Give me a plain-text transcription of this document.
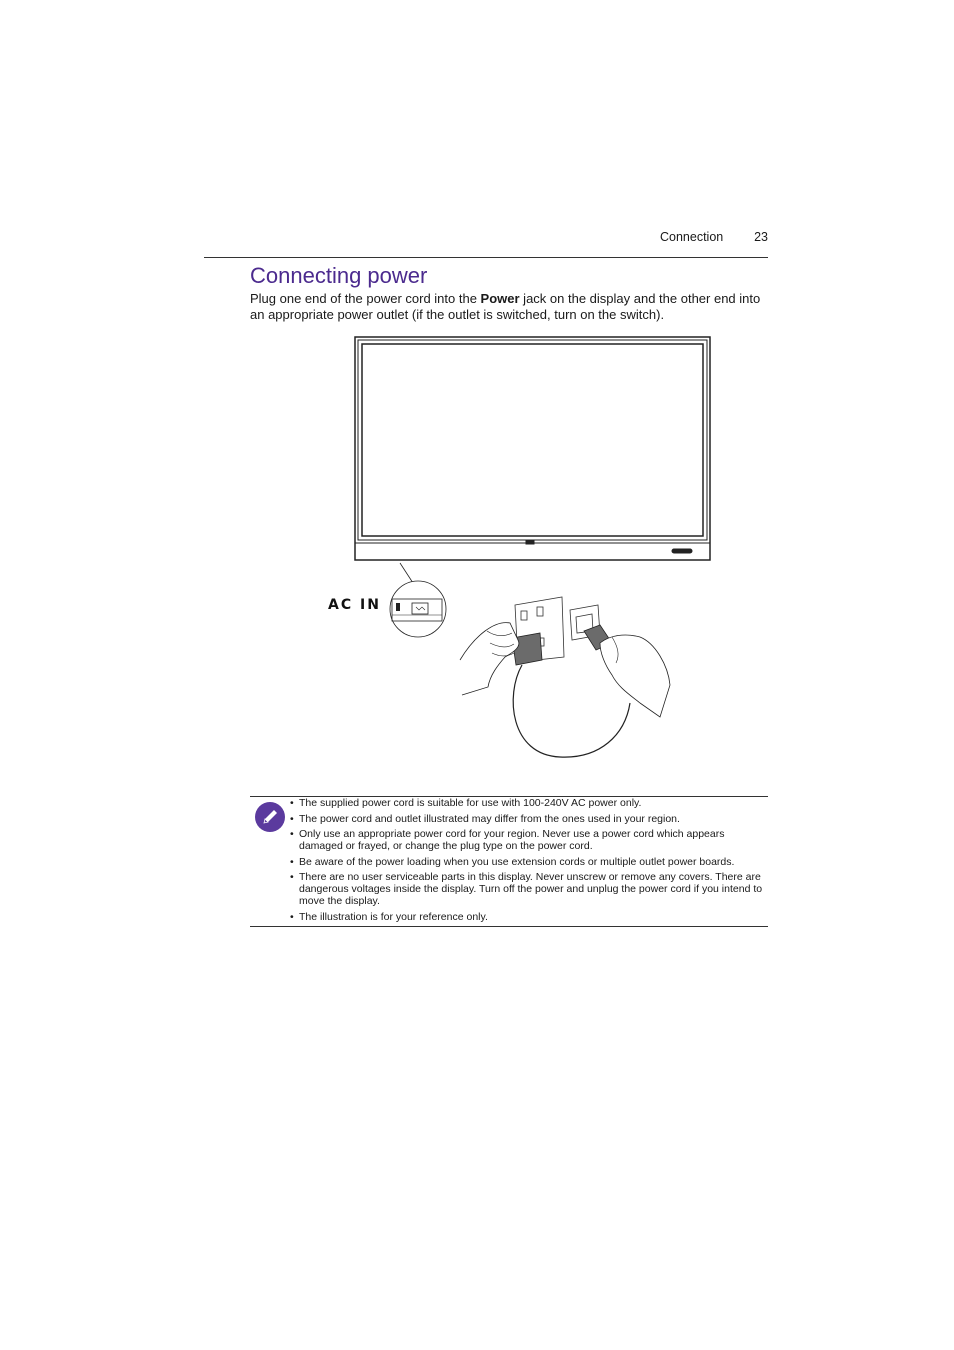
Connection 23
Connecting power

Plug one end of the power cord into the Power jack on the display and the other end into an appropriate power outlet (if the outlet is switched, turn on the switch).

AC IN
• The supplied power cord is suitable for use with 100-240V AC power only.
• The power cord and outlet illustrated may differ from the ones used in your region.
• Only use an appropriate power cord for your region. Never use a power cord which appears damaged or frayed, or change the plug type on the power cord.
• Be aware of the power loading when you use extension cords or multiple outlet power boards.
• There are no user serviceable parts in this display. Never unscrew or remove any covers. There are dangerous voltages inside the display. Turn off the power and unplug the power cord if you intend to move the display.
• The illustration is for your reference only.
